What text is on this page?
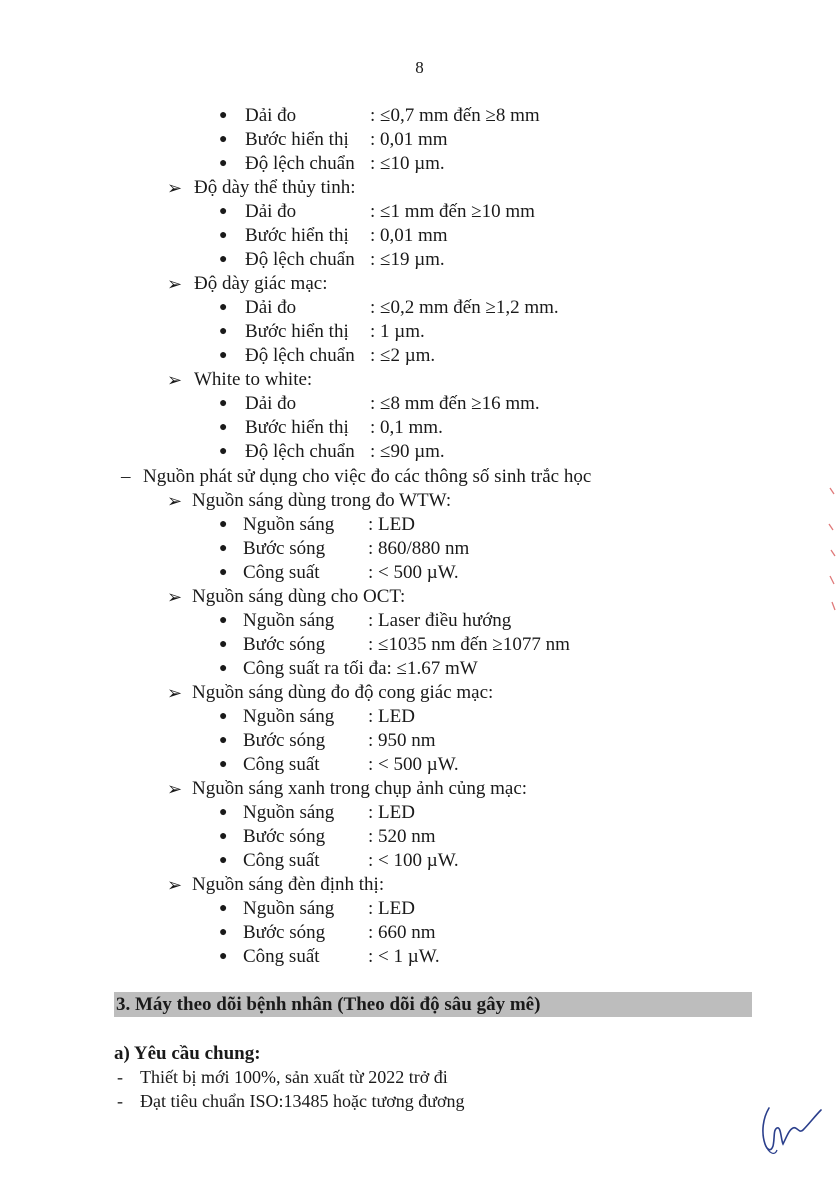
8
● Dải đo	: ≤0,7 mm đến ≥8 mm
● Bước hiển thị : 0,01 mm
● Độ lệch chuẩn : ≤10 µm.
➢ Độ dày thể thủy tinh:
● Dải đo	: ≤1 mm đến ≥10 mm
● Bước hiển thị : 0,01 mm
● Độ lệch chuẩn : ≤19 µm.
➢ Độ dày giác mạc:
● Dải đo	: ≤0,2 mm đến ≥1,2 mm.
● Bước hiển thị : 1 µm.
● Độ lệch chuẩn : ≤2 µm.
➢ White to white:
● Dải đo	: ≤8 mm đến ≥16 mm.
● Bước hiển thị : 0,1 mm.
● Độ lệch chuẩn : ≤90 µm.
– Nguồn phát sử dụng cho việc đo các thông số sinh trắc học
➢ Nguồn sáng dùng trong đo WTW:
● Nguồn sáng : LED
● Bước sóng : 860/880 nm
● Công suất	: < 500 µW.
➢ Nguồn sáng dùng cho OCT:
● Nguồn sáng : Laser điều hướng
● Bước sóng : ≤1035 nm đến ≥1077 nm
● Công suất ra tối đa: ≤1.67 mW
➢ Nguồn sáng dùng đo độ cong giác mạc:
● Nguồn sáng : LED
● Bước sóng : 950 nm
● Công suất	: < 500 µW.
➢ Nguồn sáng xanh trong chụp ảnh củng mạc:
● Nguồn sáng : LED
● Bước sóng : 520 nm
● Công suất	: < 100 µW.
➢ Nguồn sáng đèn định thị:
● Nguồn sáng : LED
● Bước sóng : 660 nm
● Công suất	: < 1 µW.
3. Máy theo dõi bệnh nhân (Theo dõi độ sâu gây mê)
a) Yêu cầu chung:
- Thiết bị mới 100%, sản xuất từ 2022 trở đi
- Đạt tiêu chuẩn ISO:13485 hoặc tương đương
